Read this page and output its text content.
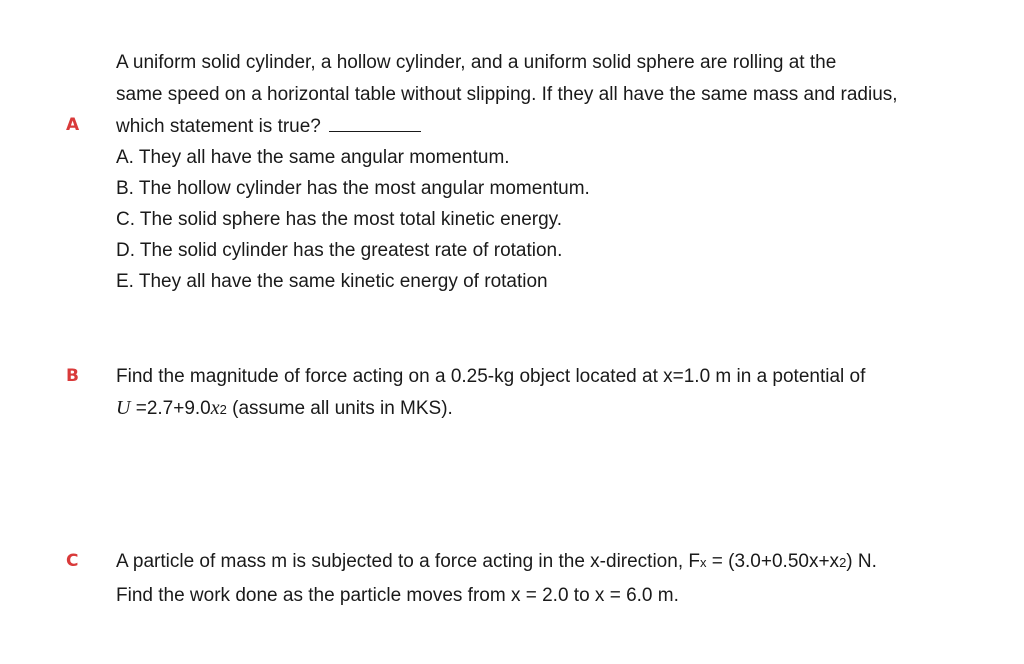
A
A uniform solid cylinder, a hollow cylinder, and a uniform solid sphere are rolling at the
same speed on a horizontal table without slipping. If they all have the same mass and radius,
which statement is true?
A. They all have the same angular momentum.
B. The hollow cylinder has the most angular momentum.
C. The solid sphere has the most total kinetic energy.
D. The solid cylinder has the greatest rate of rotation.
E. They all have the same kinetic energy of rotation
B Find the magnitude of force acting on a 0.25-kg object located at x=1.0 m in a potential of
U =2.7+9.0x2 (assume all units in MKS).
C A particle of mass m is subjected to a force acting in the x-direction, Fx = (3.0+0.50x+x2) N.
Find the work done as the particle moves from x = 2.0 to x = 6.0 m.
